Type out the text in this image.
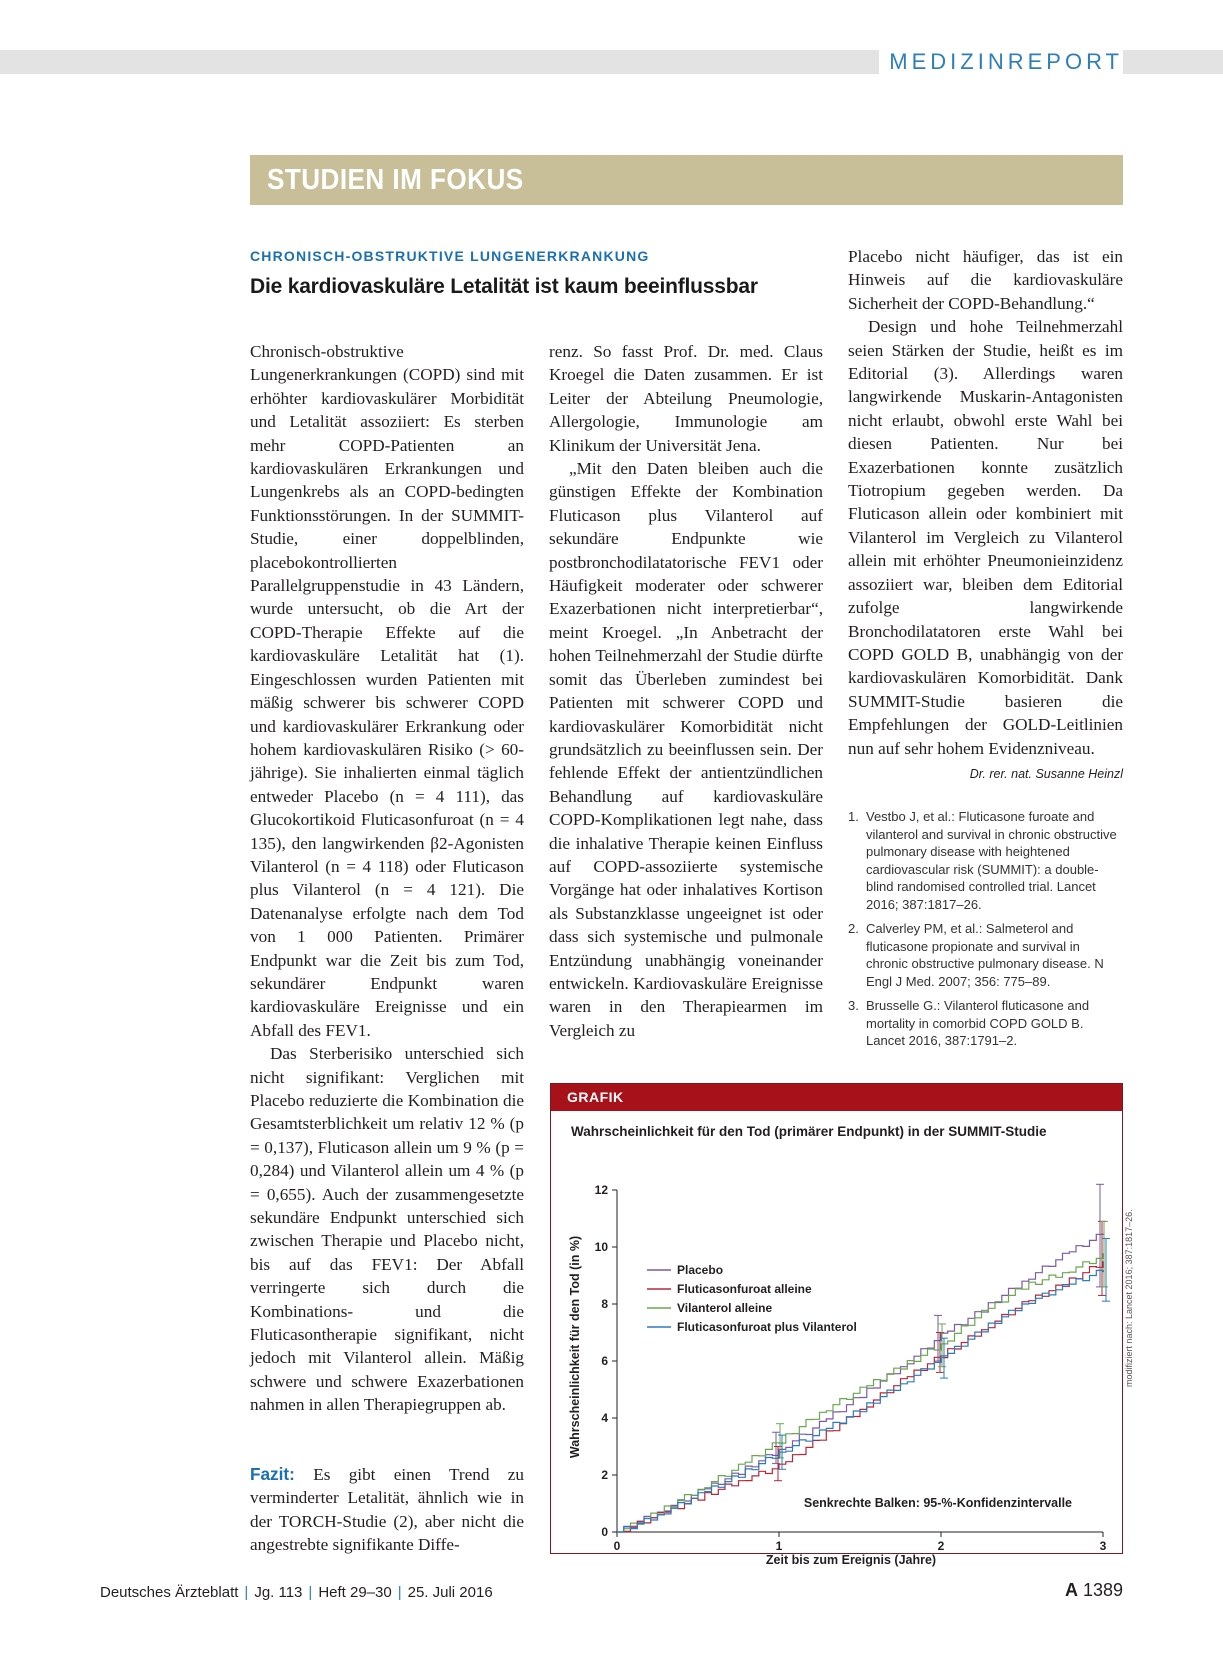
MEDIZINREPORT
STUDIEN IM FOKUS
CHRONISCH-OBSTRUKTIVE LUNGENERKRANKUNG
Die kardiovaskuläre Letalität ist kaum beeinflussbar

Chronisch-obstruktive Lungenerkrankungen (COPD) sind mit erhöhter kardiovaskulärer Morbidität und Letalität assoziiert: Es sterben mehr COPD-Patienten an kardiovaskulären Erkrankungen und Lungenkrebs als an COPD-bedingten Funktionsstörungen. In der SUMMIT-Studie, einer doppelblinden, placebokontrollierten Parallelgruppenstudie in 43 Ländern, wurde untersucht, ob die Art der COPD-Therapie Effekte auf die kardiovaskuläre Letalität hat (1). Eingeschlossen wurden Patienten mit mäßig schwerer bis schwerer COPD und kardiovaskulärer Erkrankung oder hohem kardiovaskulären Risiko (> 60-jährige). Sie inhalierten einmal täglich entweder Placebo (n = 4 111), das Glucokortikoid Fluticasonfuroat (n = 4 135), den langwirkenden β2-Agonisten Vilanterol (n = 4 118) oder Fluticason plus Vilanterol (n = 4 121). Die Datenanalyse erfolgte nach dem Tod von 1 000 Patienten. Primärer Endpunkt war die Zeit bis zum Tod, sekundärer Endpunkt waren kardiovaskuläre Ereignisse und ein Abfall des FEV1.

Das Sterberisiko unterschied sich nicht signifikant: Verglichen mit Placebo reduzierte die Kombination die Gesamtsterblichkeit um relativ 12 % (p = 0,137), Fluticason allein um 9 % (p = 0,284) und Vilanterol allein um 4 % (p = 0,655). Auch der zusammengesetzte sekundäre Endpunkt unterschied sich zwischen Therapie und Placebo nicht, bis auf das FEV1: Der Abfall verringerte sich durch die Kombinations- und die Fluticasontherapie signifikant, nicht jedoch mit Vilanterol allein. Mäßig schwere und schwere Exazerbationen nahmen in allen Therapiegruppen ab.

Fazit: Es gibt einen Trend zu verminderter Letalität, ähnlich wie in der TORCH-Studie (2), aber nicht die angestrebte signifikante Diffe-

renz. So fasst Prof. Dr. med. Claus Kroegel die Daten zusammen. Er ist Leiter der Abteilung Pneumologie, Allergologie, Immunologie am Klinikum der Universität Jena.

„Mit den Daten bleiben auch die günstigen Effekte der Kombination Fluticason plus Vilanterol auf sekundäre Endpunkte wie postbronchodilatatorische FEV1 oder Häufigkeit moderater oder schwerer Exazerbationen nicht interpretierbar“, meint Kroegel. „In Anbetracht der hohen Teilnehmerzahl der Studie dürfte somit das Überleben zumindest bei Patienten mit schwerer COPD und kardiovaskulärer Komorbidität nicht grundsätzlich zu beeinflussen sein. Der fehlende Effekt der antientzündlichen Behandlung auf kardiovaskuläre COPD-Komplikationen legt nahe, dass die inhalative Therapie keinen Einfluss auf COPD-assoziierte systemische Vorgänge hat oder inhalatives Kortison als Substanzklasse ungeeignet ist oder dass sich systemische und pulmonale Entzündung unabhängig voneinander entwickeln. Kardiovaskuläre Ereignisse waren in den Therapiearmen im Vergleich zu

Placebo nicht häufiger, das ist ein Hinweis auf die kardiovaskuläre Sicherheit der COPD-Behandlung.“

Design und hohe Teilnehmerzahl seien Stärken der Studie, heißt es im Editorial (3). Allerdings waren langwirkende Muskarin-Antagonisten nicht erlaubt, obwohl erste Wahl bei diesen Patienten. Nur bei Exazerbationen konnte zusätzlich Tiotropium gegeben werden. Da Fluticason allein oder kombiniert mit Vilanterol im Vergleich zu Vilanterol allein mit erhöhter Pneumonieinzidenz assoziiert war, bleiben dem Editorial zufolge langwirkende Bronchodilatatoren erste Wahl bei COPD GOLD B, unabhängig von der kardiovaskulären Komorbidität. Dank SUMMIT-Studie basieren die Empfehlungen der GOLD-Leitlinien nun auf sehr hohem Evidenzniveau.
Dr. rer. nat. Susanne Heinzl

1. Vestbo J, et al.: Fluticasone furoate and vilanterol and survival in chronic obstructive pulmonary disease with heightened cardiovascular risk (SUMMIT): a double-blind randomised controlled trial. Lancet 2016; 387:1817–26.
2. Calverley PM, et al.: Salmeterol and fluticasone propionate and survival in chronic obstructive pulmonary disease. N Engl J Med. 2007; 356: 775–89.
3. Brusselle G.: Vilanterol fluticasone and mortality in comorbid COPD GOLD B. Lancet 2016, 387:1791–2.
GRAFIK
Wahrscheinlichkeit für den Tod (primärer Endpunkt) in der SUMMIT-Studie
0
2
4
6
8
10
12
0	1	2	3
Placebo
Fluticasonfuroat alleine
Vilanterol alleine
Fluticasonfuroat plus Vilanterol
Senkrechte Balken: 95-%-Konfidenzintervalle
Zeit bis zum Ereignis (Jahre)
Wahrscheinlichkeit für den Tod (in %)	modifiziert nach: Lancet 2016; 387:1817–26.
Deutsches Ärzteblatt | Jg. 113 | Heft 29–30 | 25. Juli 2016	A 1389
